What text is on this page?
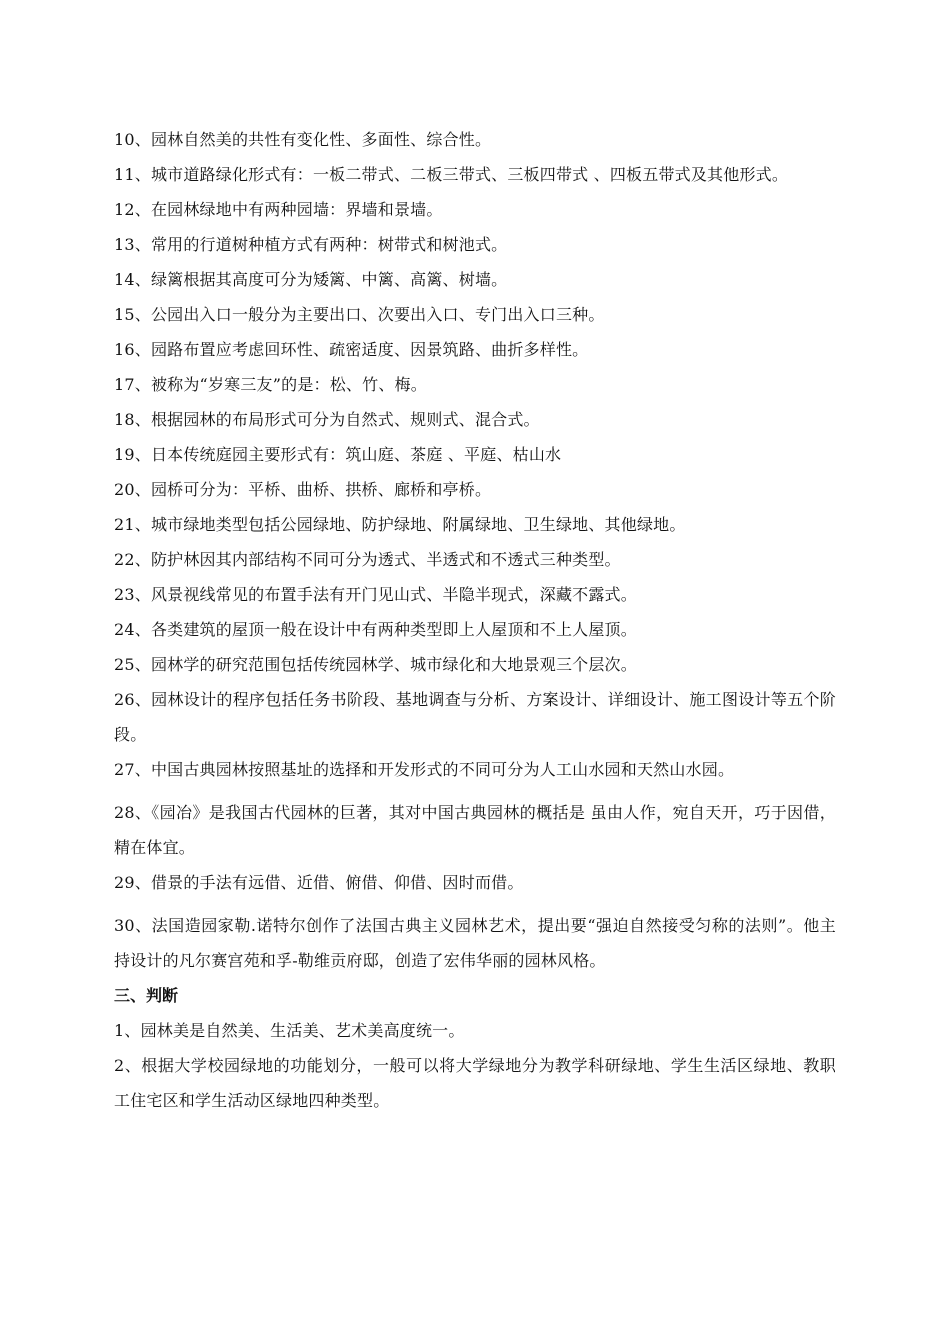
10、园林自然美的共性有变化性、多面性、综合性。

11、城市道路绿化形式有：一板二带式、二板三带式、三板四带式 、四板五带式及其他形式。

12、在园林绿地中有两种园墙：界墙和景墙。

13、常用的行道树种植方式有两种：树带式和树池式。

14、绿篱根据其高度可分为矮篱、中篱、高篱、树墙。

15、公园出入口一般分为主要出口、次要出入口、专门出入口三种。

16、园路布置应考虑回环性、疏密适度、因景筑路、曲折多样性。

17、被称为“岁寒三友”的是：松、竹、梅。

18、根据园林的布局形式可分为自然式、规则式、混合式。

19、日本传统庭园主要形式有：筑山庭、茶庭 、平庭、枯山水

20、园桥可分为：平桥、曲桥、拱桥、廊桥和亭桥。

21、城市绿地类型包括公园绿地、防护绿地、附属绿地、卫生绿地、其他绿地。

22、防护林因其内部结构不同可分为透式、半透式和不透式三种类型。

23、风景视线常见的布置手法有开门见山式、半隐半现式，深藏不露式。

24、各类建筑的屋顶一般在设计中有两种类型即上人屋顶和不上人屋顶。

25、园林学的研究范围包括传统园林学、城市绿化和大地景观三个层次。

26、园林设计的程序包括任务书阶段、基地调查与分析、方案设计、详细设计、施工图设计等五个阶段。

27、中国古典园林按照基址的选择和开发形式的不同可分为人工山水园和天然山水园。

28、《园冶》是我国古代园林的巨著，其对中国古典园林的概括是 虽由人作，宛自天开，巧于因借，精在体宜。

29、借景的手法有远借、近借、俯借、仰借、因时而借。

30、法国造园家勒.诺特尔创作了法国古典主义园林艺术，提出要“强迫自然接受匀称的法则”。他主持设计的凡尔赛宫苑和孚-勒维贡府邸，创造了宏伟华丽的园林风格。

三、判断

1、园林美是自然美、生活美、艺术美高度统一。

2、根据大学校园绿地的功能划分，一般可以将大学绿地分为教学科研绿地、学生生活区绿地、教职工住宅区和学生活动区绿地四种类型。
